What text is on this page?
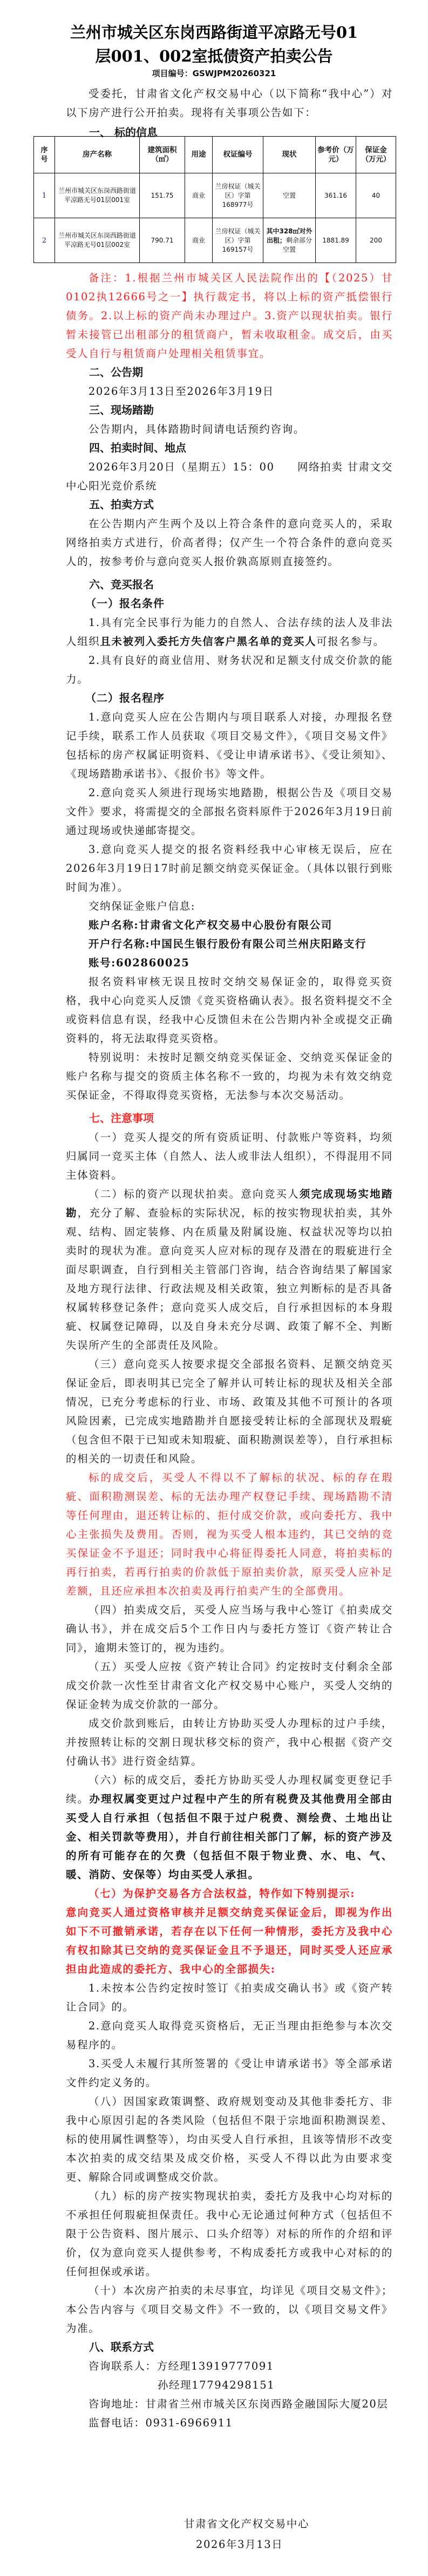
兰州市城关区东岗西路街道平凉路无号01
层001、002室抵债资产拍卖公告
项目编号：GSWJPM20260321

受委托，甘肃省文化产权交易中心（以下简称“我中心”）对以下房产进行公开拍卖。现将有关事项公告如下：

一、 标的信息

序号	房产名称	建筑面积（㎡）	用途	权证编号	现状	参考价（万元）	保证金（万元）
1	兰州市城关区东岗西路街道平凉路无号01层001室	151.75	商业	兰房权证（城关区）字第168977号	空置	361.16	40
2	兰州市城关区东岗西路街道平凉路无号01层002室	790.71	商业	兰房权证（城关区）字第169157号	其中328㎡对外出租；剩余部分空置	1881.89	200

备注：1.根据兰州市城关区人民法院作出的【（2025）甘0102执12666号之一】执行裁定书，将以上标的资产抵偿银行债务。2.以上标的资产尚未办理过户。3.资产以现状拍卖。银行暂未接管已出租部分的租赁商户，暂未收取租金。成交后，由买受人自行与租赁商户处理相关租赁事宜。

二、公告期

2026年3月13日至2026年3月19日

三、现场踏勘

公告期内，具体踏勘时间请电话预约咨询。

四、拍卖时间、地点

2026年3月20日（星期五）15：00　　网络拍卖 甘肃文交中心阳光竞价系统

五、拍卖方式

在公告期内产生两个及以上符合条件的意向竞买人的，采取网络拍卖方式进行，价高者得；仅产生一个符合条件的意向竞买人的，按参考价与意向竞买人报价孰高原则直接签约。

六、竞买报名

（一）报名条件

1.具有完全民事行为能力的自然人、合法存续的法人及非法人组织且未被列入委托方失信客户黑名单的竞买人可报名参与。

2.具有良好的商业信用、财务状况和足额支付成交价款的能力。

（二）报名程序

1.意向竞买人应在公告期内与项目联系人对接，办理报名登记手续，联系工作人员获取《项目交易文件》，《项目交易文件》包括标的房产权属证明资料、《受让申请承诺书》、《受让须知》、《现场踏勘承诺书》、《报价书》等文件。

2.意向竞买人须进行现场实地踏勘，根据公告及《项目交易文件》要求，将需提交的全部报名资料原件于2026年3月19日前通过现场或快递邮寄提交。

3.意向竞买人提交的报名资料经我中心审核无误后，应在2026年3月19日17时前足额交纳竞买保证金。（具体以银行到账时间为准）。

交纳保证金账户信息:

账户名称:甘肃省文化产权交易中心股份有限公司

开户行名称:中国民生银行股份有限公司兰州庆阳路支行

账号:602860025

报名资料审核无误且按时交纳交易保证金的，取得竞买资格，我中心向竞买人反馈《竞买资格确认表》。报名资料提交不全或资料信息有误，经我中心反馈但未在公告期内补全或提交正确资料的，将无法取得竞买资格。

特别说明：未按时足额交纳竞买保证金、交纳竞买保证金的账户名称与提交的资质主体名称不一致的，均视为未有效交纳竞买保证金，不得取得竞买资格，无法参与本次交易活动。

七、注意事项

（一）竞买人提交的所有资质证明、付款账户等资料，均须归属同一竞买主体（自然人、法人或非法人组织），不得混用不同主体资料。

（二）标的资产以现状拍卖。意向竞买人须完成现场实地踏勘，充分了解、查验标的实际状况，标的按实物现状拍卖，其外观、结构、固定装修、内在质量及附属设施、权益状况等均以拍卖时的现状为准。意向竞买人应对标的现存及潜在的瑕疵进行全面尽职调查，自行到相关主管部门咨询，结合咨询结果了解国家及地方现行法律、行政法规及相关政策，独立判断标的是否具备权属转移登记条件；意向竞买人成交后，自行承担因标的本身瑕疵、权属登记障碍，以及自身未充分尽调、政策了解不全、判断失误所产生的全部责任及风险。

（三）意向竞买人按要求提交全部报名资料、足额交纳竞买保证金后，即表明其已完全了解并认可转让标的现状及相关全部情况，已充分考虑标的行业、市场、政策及其他不可预计的各项风险因素，已完成实地踏勘并自愿接受转让标的全部现状及瑕疵（包含但不限于已知或未知瑕疵、面积勘测误差等），自行承担标的相关的一切责任和风险。

标的成交后，买受人不得以不了解标的状况、标的存在瑕疵、面积勘测误差、标的无法办理产权登记手续、现场踏勘不清等任何理由，退还转让标的、拒付成交价款，或向委托方、我中心主张损失及费用。否则，视为买受人根本违约，其已交纳的竞买保证金不予退还；同时我中心将征得委托人同意，将拍卖标的再行拍卖，若再行拍卖的价款低于原拍卖价款，原买受人应补足差额，且还应承担本次拍卖及再行拍卖产生的全部费用。

（四）拍卖成交后，买受人应当场与我中心签订《拍卖成交确认书》，并在成交后5个工作日内与委托方签订《资产转让合同》，逾期未签订的，视为违约。

（五）买受人应按《资产转让合同》约定按时支付剩余全部成交价款一次性至甘肃省文化产权交易中心账户，买受人交纳的保证金转为成交价款的一部分。

成交价款到账后，由转让方协助买受人办理标的过户手续，并按照转让标的交割日现状移交标的资产，我中心根据《资产交付确认书》进行资金结算。

（六）标的成交后，委托方协助买受人办理权属变更登记手续。办理权属变更过户过程中产生的所有税费及其他费用全部由买受人自行承担（包括但不限于过户税费、测绘费、土地出让金、相关罚款等费用），并自行前往相关部门了解，标的资产涉及的所有可能存在的欠费（包括但不限于物业费、水、电、气、暖、消防、安保等）均由买受人承担。

（七）为保护交易各方合法权益，特作如下特别提示:

意向竞买人通过资格审核并足额交纳竞买保证金后，即视为作出如下不可撤销承诺，若存在以下任何一种情形，委托方及我中心有权扣除其已交纳的竞买保证金且不予退还，同时买受人还应承担由此造成的委托方、我中心的全部损失:

1.未按本公告约定按时签订《拍卖成交确认书》或《资产转让合同》的。

2.意向竞买人取得竞买资格后，无正当理由拒绝参与本次交易程序的。

3.买受人未履行其所签署的《受让申请承诺书》等全部承诺文件约定义务的。

（八）因国家政策调整、政府规划变动及其他非委托方、非我中心原因引起的各类风险（包括但不限于宗地面积勘测误差、标的使用属性调整等），均由买受人自行承担，且该等情形不改变本次拍卖的成交结果及成交价格，买受人不得以此为由要求变更、解除合同或调整成交价款。

（九）标的房产按实物现状拍卖，委托方及我中心均对标的不承担任何瑕疵担保责任。我中心无论通过何种方式（包括但不限于公告资料、图片展示、口头介绍等）对标的所作的介绍和评价，仅为意向竞买人提供参考，不构成委托方或我中心对标的的任何担保或承诺。

（十）本次房产拍卖的未尽事宜，均详见《项目交易文件》；本公告内容与《项目交易文件》不一致的，以《项目交易文件》为准。

八、联系方式

咨询联系人：方经理13919777091

孙经理17794298151

咨询地址：甘肃省兰州市城关区东岗西路金融国际大厦20层

监督电话：0931-6966911

甘肃省文化产权交易中心
2026年3月13日
